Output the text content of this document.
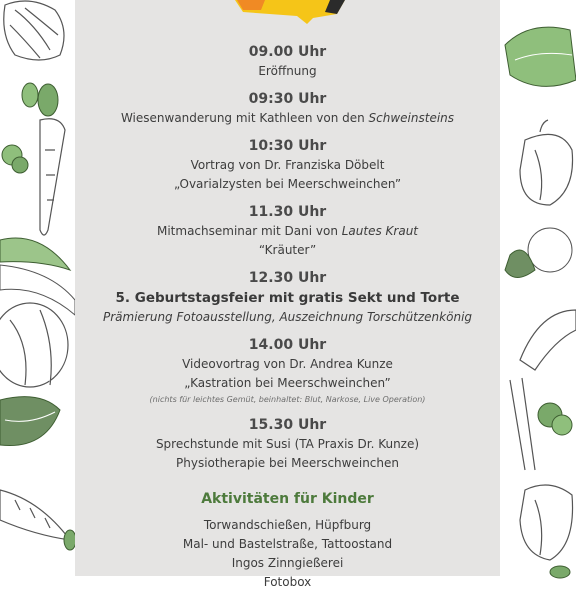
09.00 Uhr
Eröffnung
09:30 Uhr
Wiesenwanderung mit Kathleen von den Schweinsteins
10:30 Uhr
Vortrag von Dr. Franziska Döbelt
„Ovarialzysten bei Meerschweinchen”
11.30 Uhr
Mitmachseminar mit Dani von Lautes Kraut
“Kräuter”
12.30 Uhr
5. Geburtstagsfeier mit gratis Sekt und Torte
Prämierung Fotoausstellung, Auszeichnung Torschützenkönig
14.00 Uhr
Videovortrag von Dr. Andrea Kunze
„Kastration bei Meerschweinchen”
(nichts für leichtes Gemüt, beinhaltet: Blut, Narkose, Live Operation)
15.30 Uhr
Sprechstunde mit Susi (TA Praxis Dr. Kunze)
Physiotherapie bei Meerschweinchen
Aktivitäten für Kinder
Torwandschießen, Hüpfburg
Mal- und Bastelstraße, Tattoostand
Ingos Zinngießerei
Fotobox
